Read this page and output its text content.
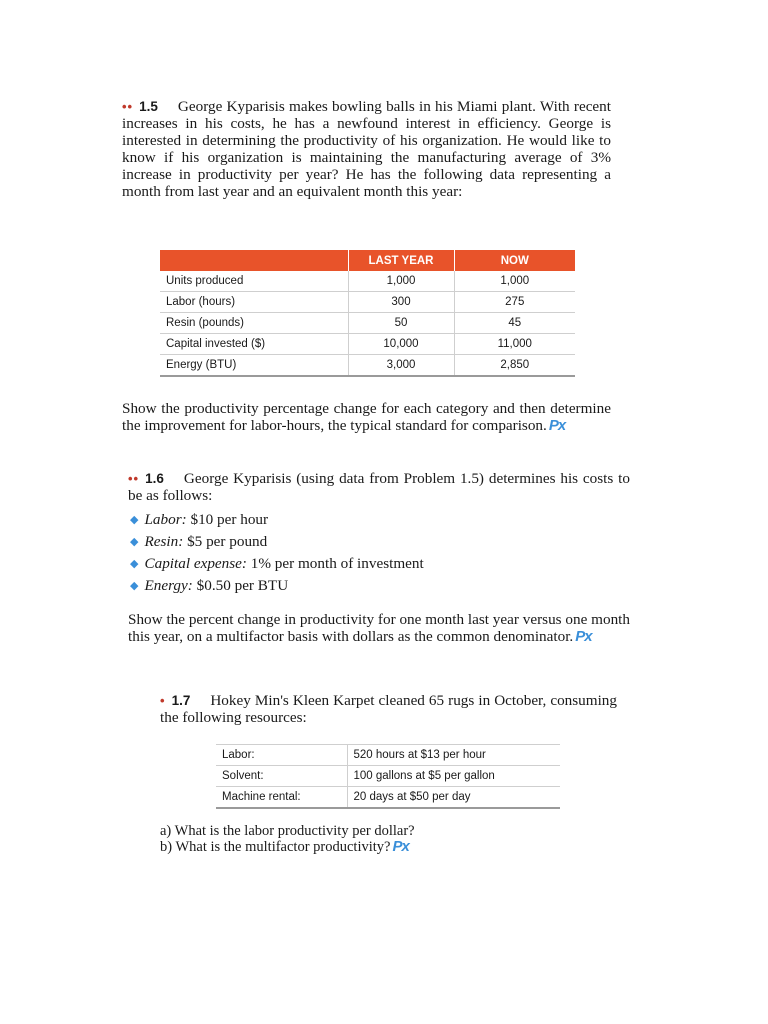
•• 1.5 George Kyparisis makes bowling balls in his Miami plant. With recent increases in his costs, he has a newfound interest in efficiency. George is interested in determining the productivity of his organization. He would like to know if his organization is maintaining the manufacturing average of 3% increase in productivity per year? He has the following data representing a month from last year and an equivalent month this year:
	LAST YEAR	NOW
Units produced	1,000	1,000
Labor (hours)	300	275
Resin (pounds)	50	45
Capital invested ($)	10,000	11,000
Energy (BTU)	3,000	2,850
Show the productivity percentage change for each category and then determine the improvement for labor-hours, the typical standard for comparison. Px
•• 1.6 George Kyparisis (using data from Problem 1.5) determines his costs to be as follows:
◆ Labor: $10 per hour
◆ Resin: $5 per pound
◆ Capital expense: 1% per month of investment
◆ Energy: $0.50 per BTU
Show the percent change in productivity for one month last year versus one month this year, on a multifactor basis with dollars as the common denominator. Px
• 1.7 Hokey Min's Kleen Karpet cleaned 65 rugs in October, consuming the following resources:
Labor:	520 hours at $13 per hour
Solvent:	100 gallons at $5 per gallon
Machine rental:	20 days at $50 per day
a) What is the labor productivity per dollar?
b) What is the multifactor productivity? Px
